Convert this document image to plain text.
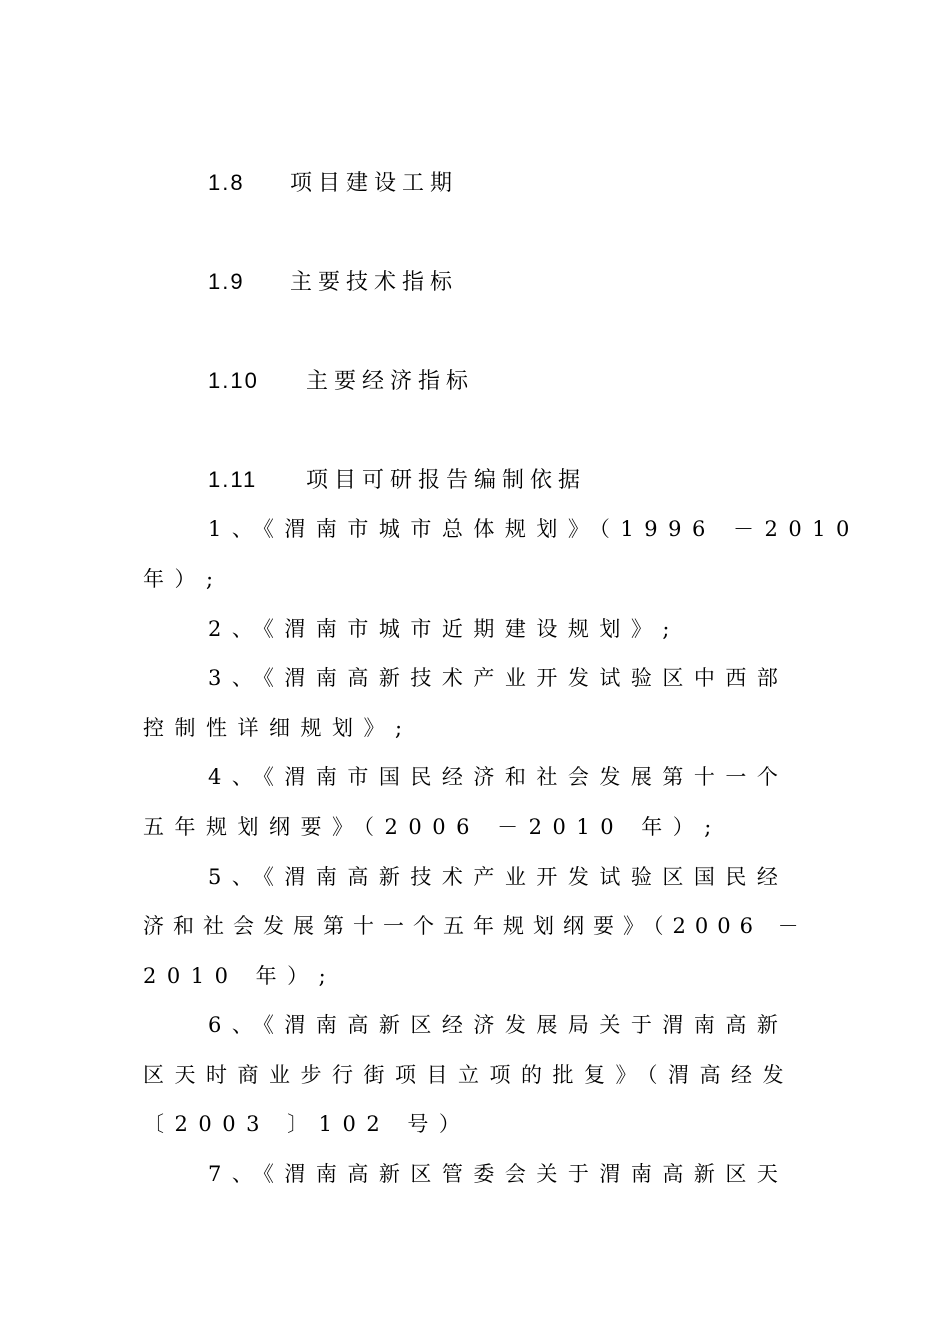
1.8 项目建设工期
1.9 主要技术指标
1.10 主要经济指标
1.11 项目可研报告编制依据
1、《渭南市城市总体规划》（1996 －2010
年）;
2、《渭南市城市近期建设规划》;
3、《渭南高新技术产业开发试验区中西部
控制性详细规划》;
4、《渭南市国民经济和社会发展第十一个
五年规划纲要》（2006 －2010 年）;
5、《渭南高新技术产业开发试验区国民经
济和社会发展第十一个五年规划纲要》（2006 －
2010 年）;
6、《渭南高新区经济发展局关于渭南高新
区天时商业步行街项目立项的批复》（渭高经发
〔2003 〕102 号）
7、《渭南高新区管委会关于渭南高新区天
